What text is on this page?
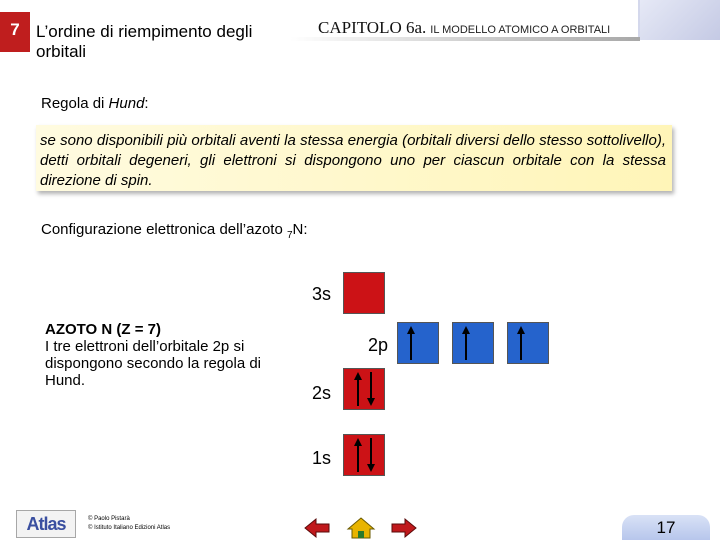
7 L’ordine di riempimento degli orbitali
CAPITOLO 6a. IL MODELLO ATOMICO A ORBITALI
Regola di Hund:
se sono disponibili più orbitali aventi la stessa energia (orbitali diversi dello stesso sottolivello), detti orbitali degeneri, gli elettroni si dispongono uno per ciascun orbitale con la stessa direzione di spin.
Configurazione elettronica dell’azoto $_7$N:
3s
2p
2s
1s
AZOTO N (Z = 7)
I tre elettroni dell’orbitale 2p si dispongono secondo la regola di Hund.
Atlas	© Paolo Pistarà
© Istituto Italiano Edizioni Atlas	17
